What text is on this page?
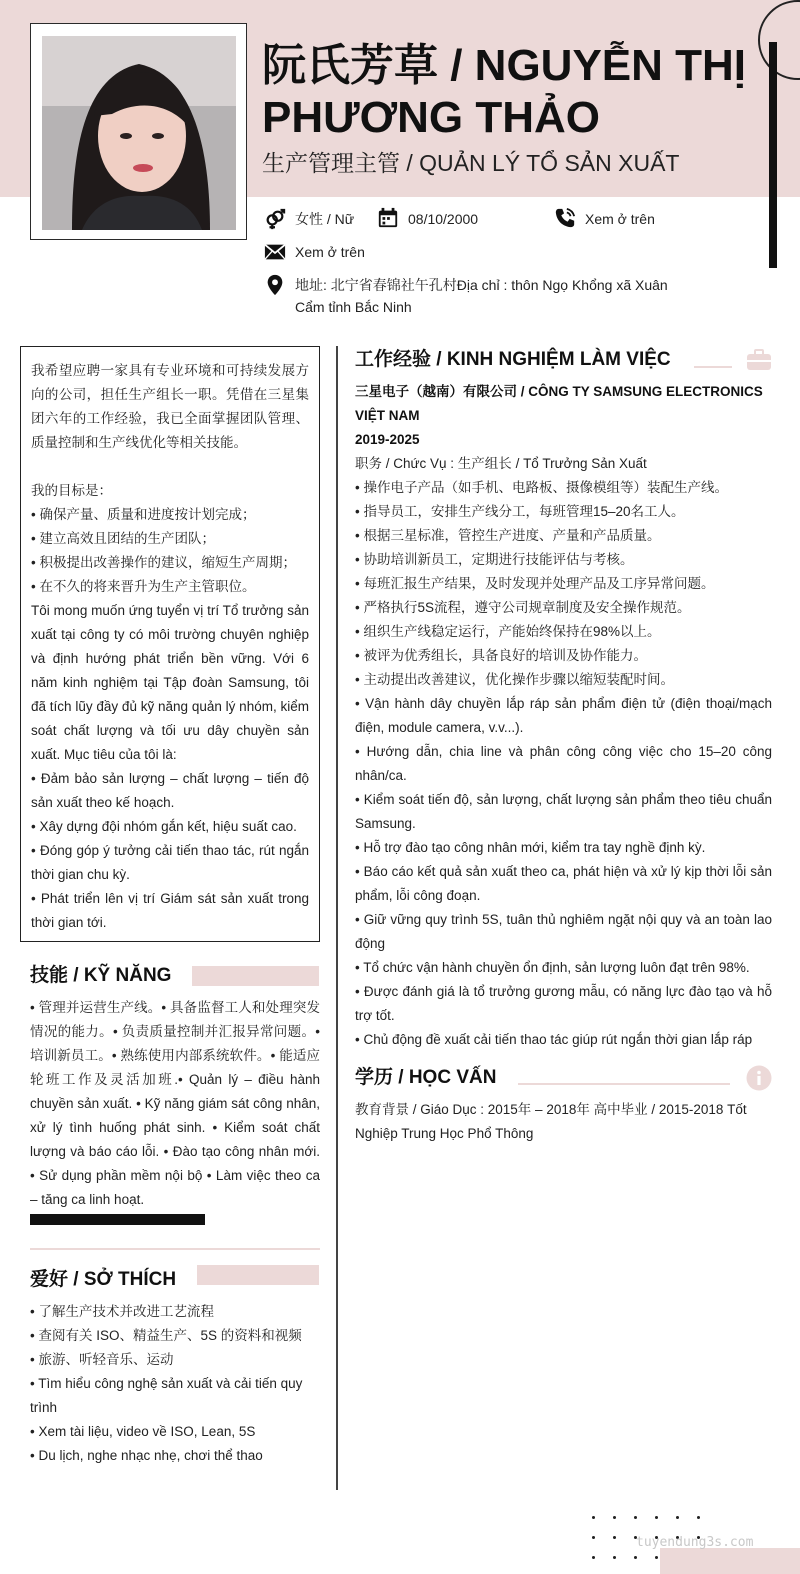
阮氏芳草 / NGUYỄN THỊ PHƯƠNG THẢO
生产管理主管 / QUẢN LÝ TỔ SẢN XUẤT
女性 / Nữ	08/10/2000	Xem ở trên
Xem ở trên
地址: 北宁省春锦社午孔村Địa chỉ : thôn Ngọ Khổng xã Xuân Cẩm tỉnh Bắc Ninh

我希望应聘一家具有专业环境和可持续发展方向的公司，担任生产组长一职。凭借在三星集团六年的工作经验，我已全面掌握团队管理、质量控制和生产线优化等相关技能。

我的目标是：

• 确保产量、质量和进度按计划完成；

• 建立高效且团结的生产团队；

• 积极提出改善操作的建议，缩短生产周期；

• 在不久的将来晋升为生产主管职位。

Tôi mong muốn ứng tuyển vị trí Tổ trưởng sản xuất tại công ty có môi trường chuyên nghiệp và định hướng phát triển bền vững. Với 6 năm kinh nghiệm tại Tập đoàn Samsung, tôi đã tích lũy đầy đủ kỹ năng quản lý nhóm, kiểm soát chất lượng và tối ưu dây chuyền sản xuất. Mục tiêu của tôi là:

• Đảm bảo sản lượng – chất lượng – tiến độ sản xuất theo kế hoạch.

• Xây dựng đội nhóm gắn kết, hiệu suất cao.

• Đóng góp ý tưởng cải tiến thao tác, rút ngắn thời gian chu kỳ.

• Phát triển lên vị trí Giám sát sản xuất trong thời gian tới.

技能 / KỸ NĂNG
• 管理并运营生产线。• 具备监督工人和处理突发情况的能力。• 负责质量控制并汇报异常问题。• 培训新员工。• 熟练使用内部系统软件。• 能适应轮班工作及灵活加班.• Quản lý – điều hành chuyền sản xuất. • Kỹ năng giám sát công nhân, xử lý tình huống phát sinh. • Kiểm soát chất lượng và báo cáo lỗi. • Đào tạo công nhân mới. • Sử dụng phần mềm nội bộ • Làm việc theo ca – tăng ca linh hoạt.
爱好 / SỞ THÍCH

• 了解生产技术并改进工艺流程

• 查阅有关 ISO、精益生产、5S 的资料和视频

• 旅游、听轻音乐、运动

• Tìm hiểu công nghệ sản xuất và cải tiến quy trình

• Xem tài liệu, video về ISO, Lean, 5S

• Du lịch, nghe nhạc nhẹ, chơi thể thao

工作经验 / KINH NGHIỆM LÀM VIỆC

三星电子（越南）有限公司 / CÔNG TY SAMSUNG ELECTRONICS VIỆT NAM

2019-2025

职务 / Chức Vụ : 生产组长 / Tổ Trưởng Sản Xuất

• 操作电子产品（如手机、电路板、摄像模组等）装配生产线。

• 指导员工，安排生产线分工，每班管理15–20名工人。

• 根据三星标准，管控生产进度、产量和产品质量。

• 协助培训新员工，定期进行技能评估与考核。

• 每班汇报生产结果，及时发现并处理产品及工序异常问题。

• 严格执行5S流程，遵守公司规章制度及安全操作规范。

• 组织生产线稳定运行，产能始终保持在98%以上。

• 被评为优秀组长，具备良好的培训及协作能力。

• 主动提出改善建议，优化操作步骤以缩短装配时间。

• Vận hành dây chuyền lắp ráp sản phẩm điện tử (điện thoại/mạch điện, module camera, v.v...).

• Hướng dẫn, chia line và phân công công việc cho 15–20 công nhân/ca.

• Kiểm soát tiến độ, sản lượng, chất lượng sản phẩm theo tiêu chuẩn Samsung.

• Hỗ trợ đào tạo công nhân mới, kiểm tra tay nghề định kỳ.

• Báo cáo kết quả sản xuất theo ca, phát hiện và xử lý kịp thời lỗi sản phẩm, lỗi công đoạn.

• Giữ vững quy trình 5S, tuân thủ nghiêm ngặt nội quy và an toàn lao động

• Tổ chức vận hành chuyền ổn định, sản lượng luôn đạt trên 98%.

• Được đánh giá là tổ trưởng gương mẫu, có năng lực đào tạo và hỗ trợ tốt.

• Chủ động đề xuất cải tiến thao tác giúp rút ngắn thời gian lắp ráp

学历 / HỌC VẤN
教育背景 / Giáo Dục : 2015年 – 2018年 高中毕业 / 2015-2018 Tốt Nghiệp Trung Học Phổ Thông
tuyendung3s.com
